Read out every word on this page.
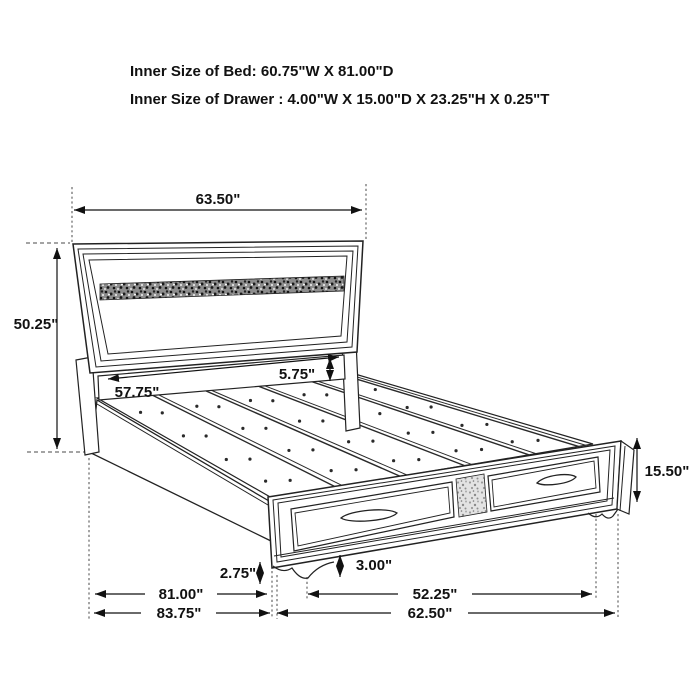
Inner Size of Bed: 60.75"W X 81.00"D
Inner Size of Drawer : 4.00"W X 15.00"D X 23.25"H X 0.25"T
63.50"
50.25"
57.75"
5.75"
15.50"
2.75"	3.00"
81.00"	52.25"
83.75"	62.50"
